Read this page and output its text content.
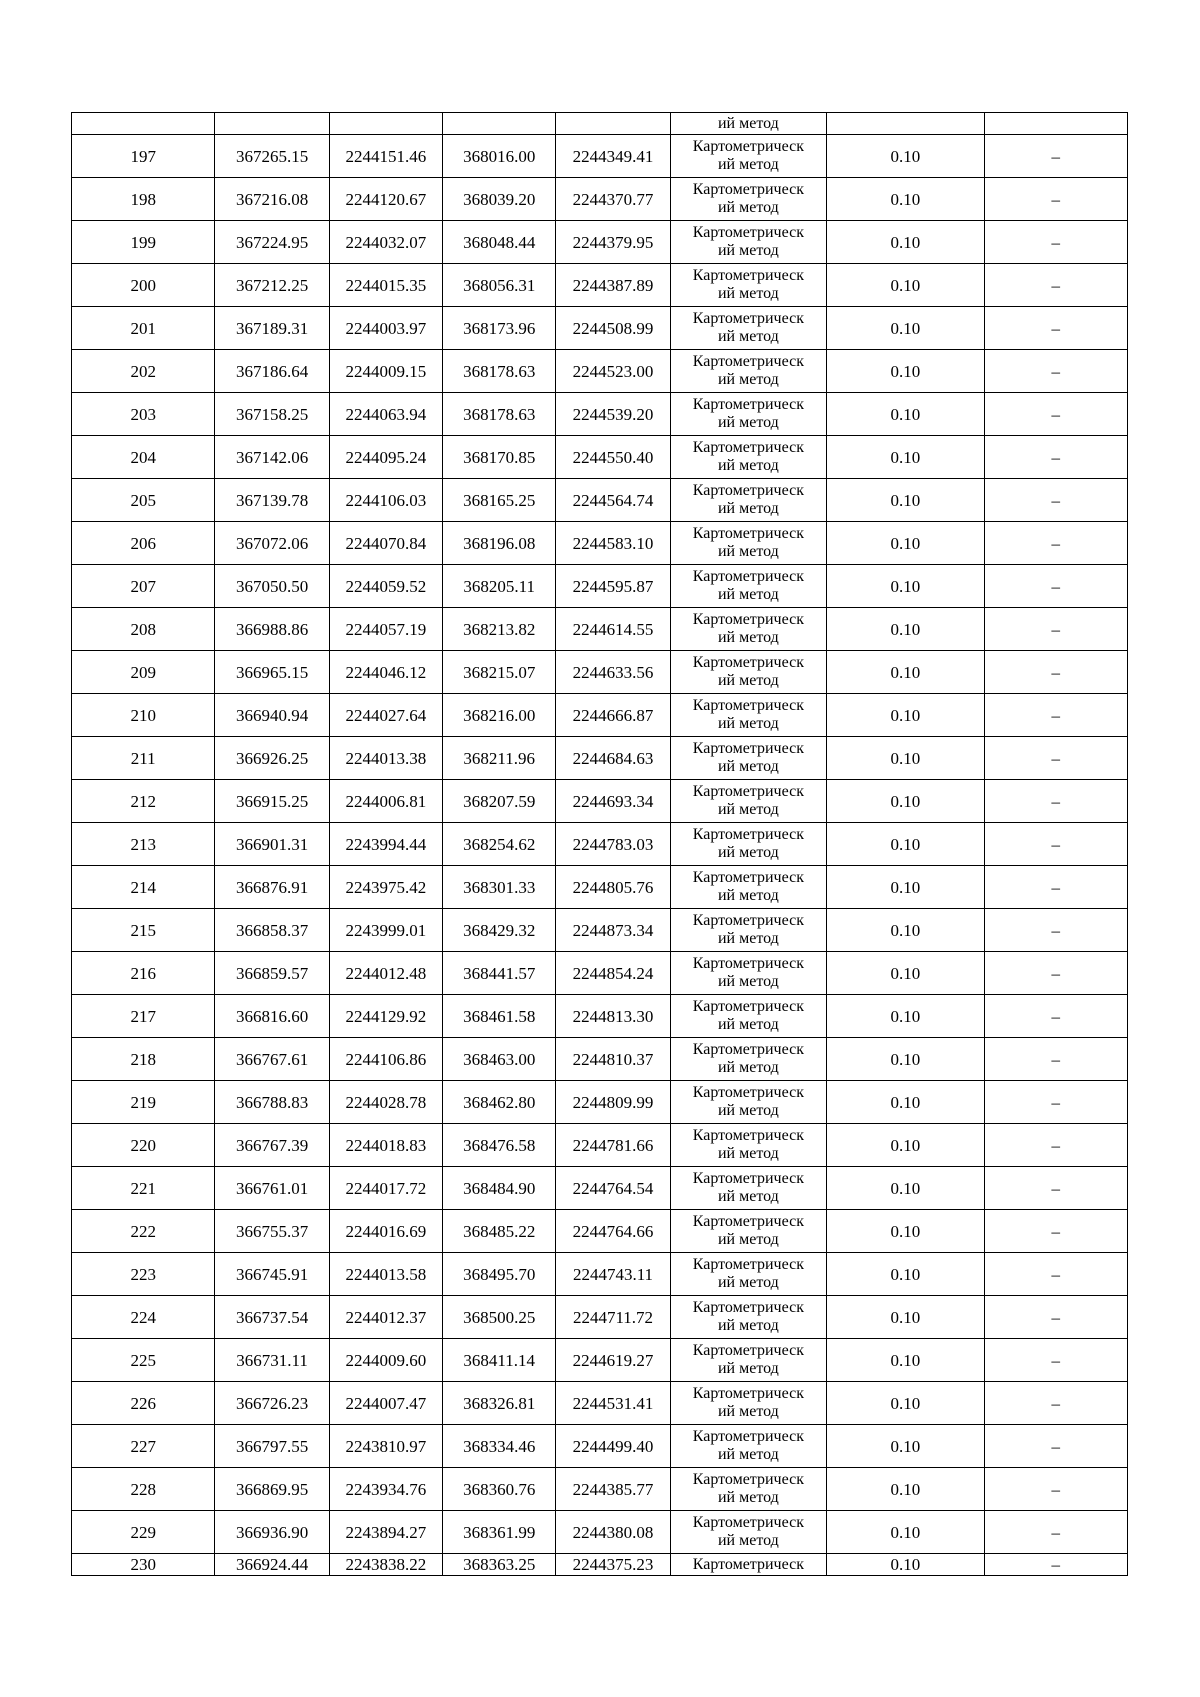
					ий метод		
197	367265.15	2244151.46	368016.00	2244349.41	Картометрическ
ий метод	0.10	–
198	367216.08	2244120.67	368039.20	2244370.77	Картометрическ
ий метод	0.10	–
199	367224.95	2244032.07	368048.44	2244379.95	Картометрическ
ий метод	0.10	–
200	367212.25	2244015.35	368056.31	2244387.89	Картометрическ
ий метод	0.10	–
201	367189.31	2244003.97	368173.96	2244508.99	Картометрическ
ий метод	0.10	–
202	367186.64	2244009.15	368178.63	2244523.00	Картометрическ
ий метод	0.10	–
203	367158.25	2244063.94	368178.63	2244539.20	Картометрическ
ий метод	0.10	–
204	367142.06	2244095.24	368170.85	2244550.40	Картометрическ
ий метод	0.10	–
205	367139.78	2244106.03	368165.25	2244564.74	Картометрическ
ий метод	0.10	–
206	367072.06	2244070.84	368196.08	2244583.10	Картометрическ
ий метод	0.10	–
207	367050.50	2244059.52	368205.11	2244595.87	Картометрическ
ий метод	0.10	–
208	366988.86	2244057.19	368213.82	2244614.55	Картометрическ
ий метод	0.10	–
209	366965.15	2244046.12	368215.07	2244633.56	Картометрическ
ий метод	0.10	–
210	366940.94	2244027.64	368216.00	2244666.87	Картометрическ
ий метод	0.10	–
211	366926.25	2244013.38	368211.96	2244684.63	Картометрическ
ий метод	0.10	–
212	366915.25	2244006.81	368207.59	2244693.34	Картометрическ
ий метод	0.10	–
213	366901.31	2243994.44	368254.62	2244783.03	Картометрическ
ий метод	0.10	–
214	366876.91	2243975.42	368301.33	2244805.76	Картометрическ
ий метод	0.10	–
215	366858.37	2243999.01	368429.32	2244873.34	Картометрическ
ий метод	0.10	–
216	366859.57	2244012.48	368441.57	2244854.24	Картометрическ
ий метод	0.10	–
217	366816.60	2244129.92	368461.58	2244813.30	Картометрическ
ий метод	0.10	–
218	366767.61	2244106.86	368463.00	2244810.37	Картометрическ
ий метод	0.10	–
219	366788.83	2244028.78	368462.80	2244809.99	Картометрическ
ий метод	0.10	–
220	366767.39	2244018.83	368476.58	2244781.66	Картометрическ
ий метод	0.10	–
221	366761.01	2244017.72	368484.90	2244764.54	Картометрическ
ий метод	0.10	–
222	366755.37	2244016.69	368485.22	2244764.66	Картометрическ
ий метод	0.10	–
223	366745.91	2244013.58	368495.70	2244743.11	Картометрическ
ий метод	0.10	–
224	366737.54	2244012.37	368500.25	2244711.72	Картометрическ
ий метод	0.10	–
225	366731.11	2244009.60	368411.14	2244619.27	Картометрическ
ий метод	0.10	–
226	366726.23	2244007.47	368326.81	2244531.41	Картометрическ
ий метод	0.10	–
227	366797.55	2243810.97	368334.46	2244499.40	Картометрическ
ий метод	0.10	–
228	366869.95	2243934.76	368360.76	2244385.77	Картометрическ
ий метод	0.10	–
229	366936.90	2243894.27	368361.99	2244380.08	Картометрическ
ий метод	0.10	–
230	366924.44	2243838.22	368363.25	2244375.23	Картометрическ	0.10	–
